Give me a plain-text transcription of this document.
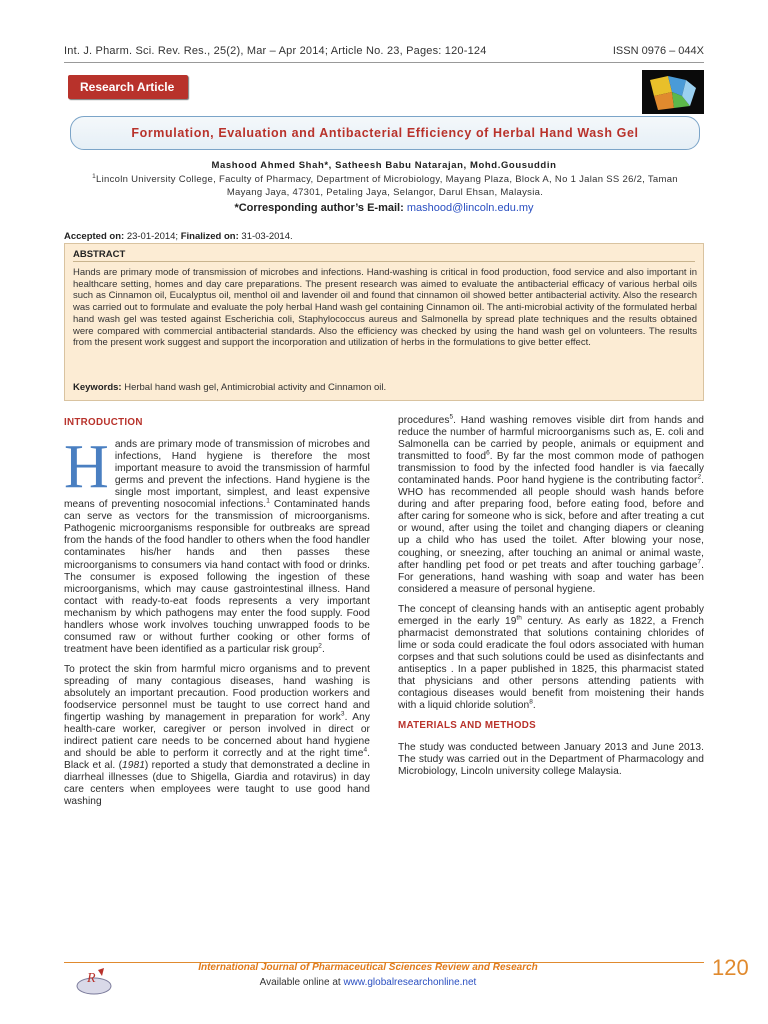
Int. J. Pharm. Sci. Rev. Res., 25(2), Mar – Apr 2014; Article No. 23, Pages: 120-124	ISSN 0976 – 044X
Research Article
Formulation, Evaluation and Antibacterial Efficiency of Herbal Hand Wash Gel
Mashood Ahmed Shah*, Satheesh Babu Natarajan, Mohd.Gousuddin
$^1$Lincoln University College, Faculty of Pharmacy, Department of Microbiology, Mayang Plaza, Block A, No 1 Jalan SS 26/2, Taman Mayang Jaya, 47301, Petaling Jaya, Selangor, Darul Ehsan, Malaysia.
*Corresponding author’s E-mail: mashood@lincoln.edu.my
Accepted on: 23-01-2014; Finalized on: 31-03-2014.
ABSTRACT
Hands are primary mode of transmission of microbes and infections. Hand-washing is critical in food production, food service and also important in healthcare setting, homes and day care preparations. The present research was aimed to evaluate the antibacterial efficacy of various herbal oils such as Cinnamon oil, Eucalyptus oil, menthol oil and lavender oil and found that cinnamon oil showed better antibacterial activity. Also the research was carried out to formulate and evaluate the poly herbal Hand wash gel containing Cinnamon oil. The anti-microbial activity of the formulated herbal hand wash gel was tested against Escherichia coli, Staphylococcus aureus and Salmonella by spread plate techniques and the results obtained were compared with commercial antibacterial standards. Also the efficiency was checked by using the hand wash gel on volunteers. The results from the present work suggest and support the incorporation and utilization of herbs in the formulations to give better effect.
Keywords: Herbal hand wash gel, Antimicrobial activity and Cinnamon oil.
INTRODUCTION

Hands are primary mode of transmission of microbes and infections, Hand hygiene is therefore the most important measure to avoid the transmission of harmful germs and prevent the infections. Hand hygiene is the single most important, simplest, and least expensive means of preventing nosocomial infections.$^1$ Contaminated hands can serve as vectors for the transmission of microorganisms. Pathogenic microorganisms responsible for outbreaks are spread from the hands of the food handler to others when the food handler contaminates his/her hands and then passes these microorganisms to consumers via hand contact with food or drinks. The consumer is exposed following the ingestion of these microorganisms, which may cause gastrointestinal illness. Hand contact with ready-to-eat foods represents a very important mechanism by which pathogens may enter the food supply. Food handlers whose work involves touching unwrapped foods to be consumed raw or without further cooking or other forms of treatment have been identified as a particular risk group$^2$.

To protect the skin from harmful micro organisms and to prevent spreading of many contagious diseases, hand washing is absolutely an important precaution. Food production workers and foodservice personnel must be taught to use correct hand and fingertip washing by management in preparation for work$^3$. Any health-care worker, caregiver or person involved in direct or indirect patient care needs to be concerned about hand hygiene and should be able to perform it correctly and at the right time$^4$. Black et al. (1981) reported a study that demonstrated a decline in diarrheal illnesses (due to Shigella, Giardia and rotavirus) in day care centers when employees were taught to use good hand washing

procedures$^5$. Hand washing removes visible dirt from hands and reduce the number of harmful microorganisms such as, E. coli and Salmonella can be carried by people, animals or equipment and transmitted to food$^6$. By far the most common mode of pathogen transmission to food by the infected food handler is via faecally contaminated hands. Poor hand hygiene is the contributing factor$^2$. WHO has recommended all people should wash hands before during and after preparing food, before eating food, before and after caring for someone who is sick, before and after treating a cut or wound, after using the toilet and changing diapers or cleaning up a child who has used the toilet. After blowing your nose, coughing, or sneezing, after touching an animal or animal waste, after handling pet food or pet treats and after touching garbage$^7$. For generations, hand washing with soap and water has been considered a measure of personal hygiene.

The concept of cleansing hands with an antiseptic agent probably emerged in the early 19th century. As early as 1822, a French pharmacist demonstrated that solutions containing chlorides of lime or soda could eradicate the foul odors associated with human corpses and that such solutions could be used as disinfectants and antiseptics . In a paper published in 1825, this pharmacist stated that physicians and other persons attending patients with contagious diseases would benefit from moistening their hands with a liquid chloride solution$^8$.

MATERIALS AND METHODS

The study was conducted between January 2013 and June 2013. The study was carried out in the Department of Pharmacology and Microbiology, Lincoln university college Malaysia.

R
International Journal of Pharmaceutical Sciences Review and Research
Available online at www.globalresearchonline.net
120
